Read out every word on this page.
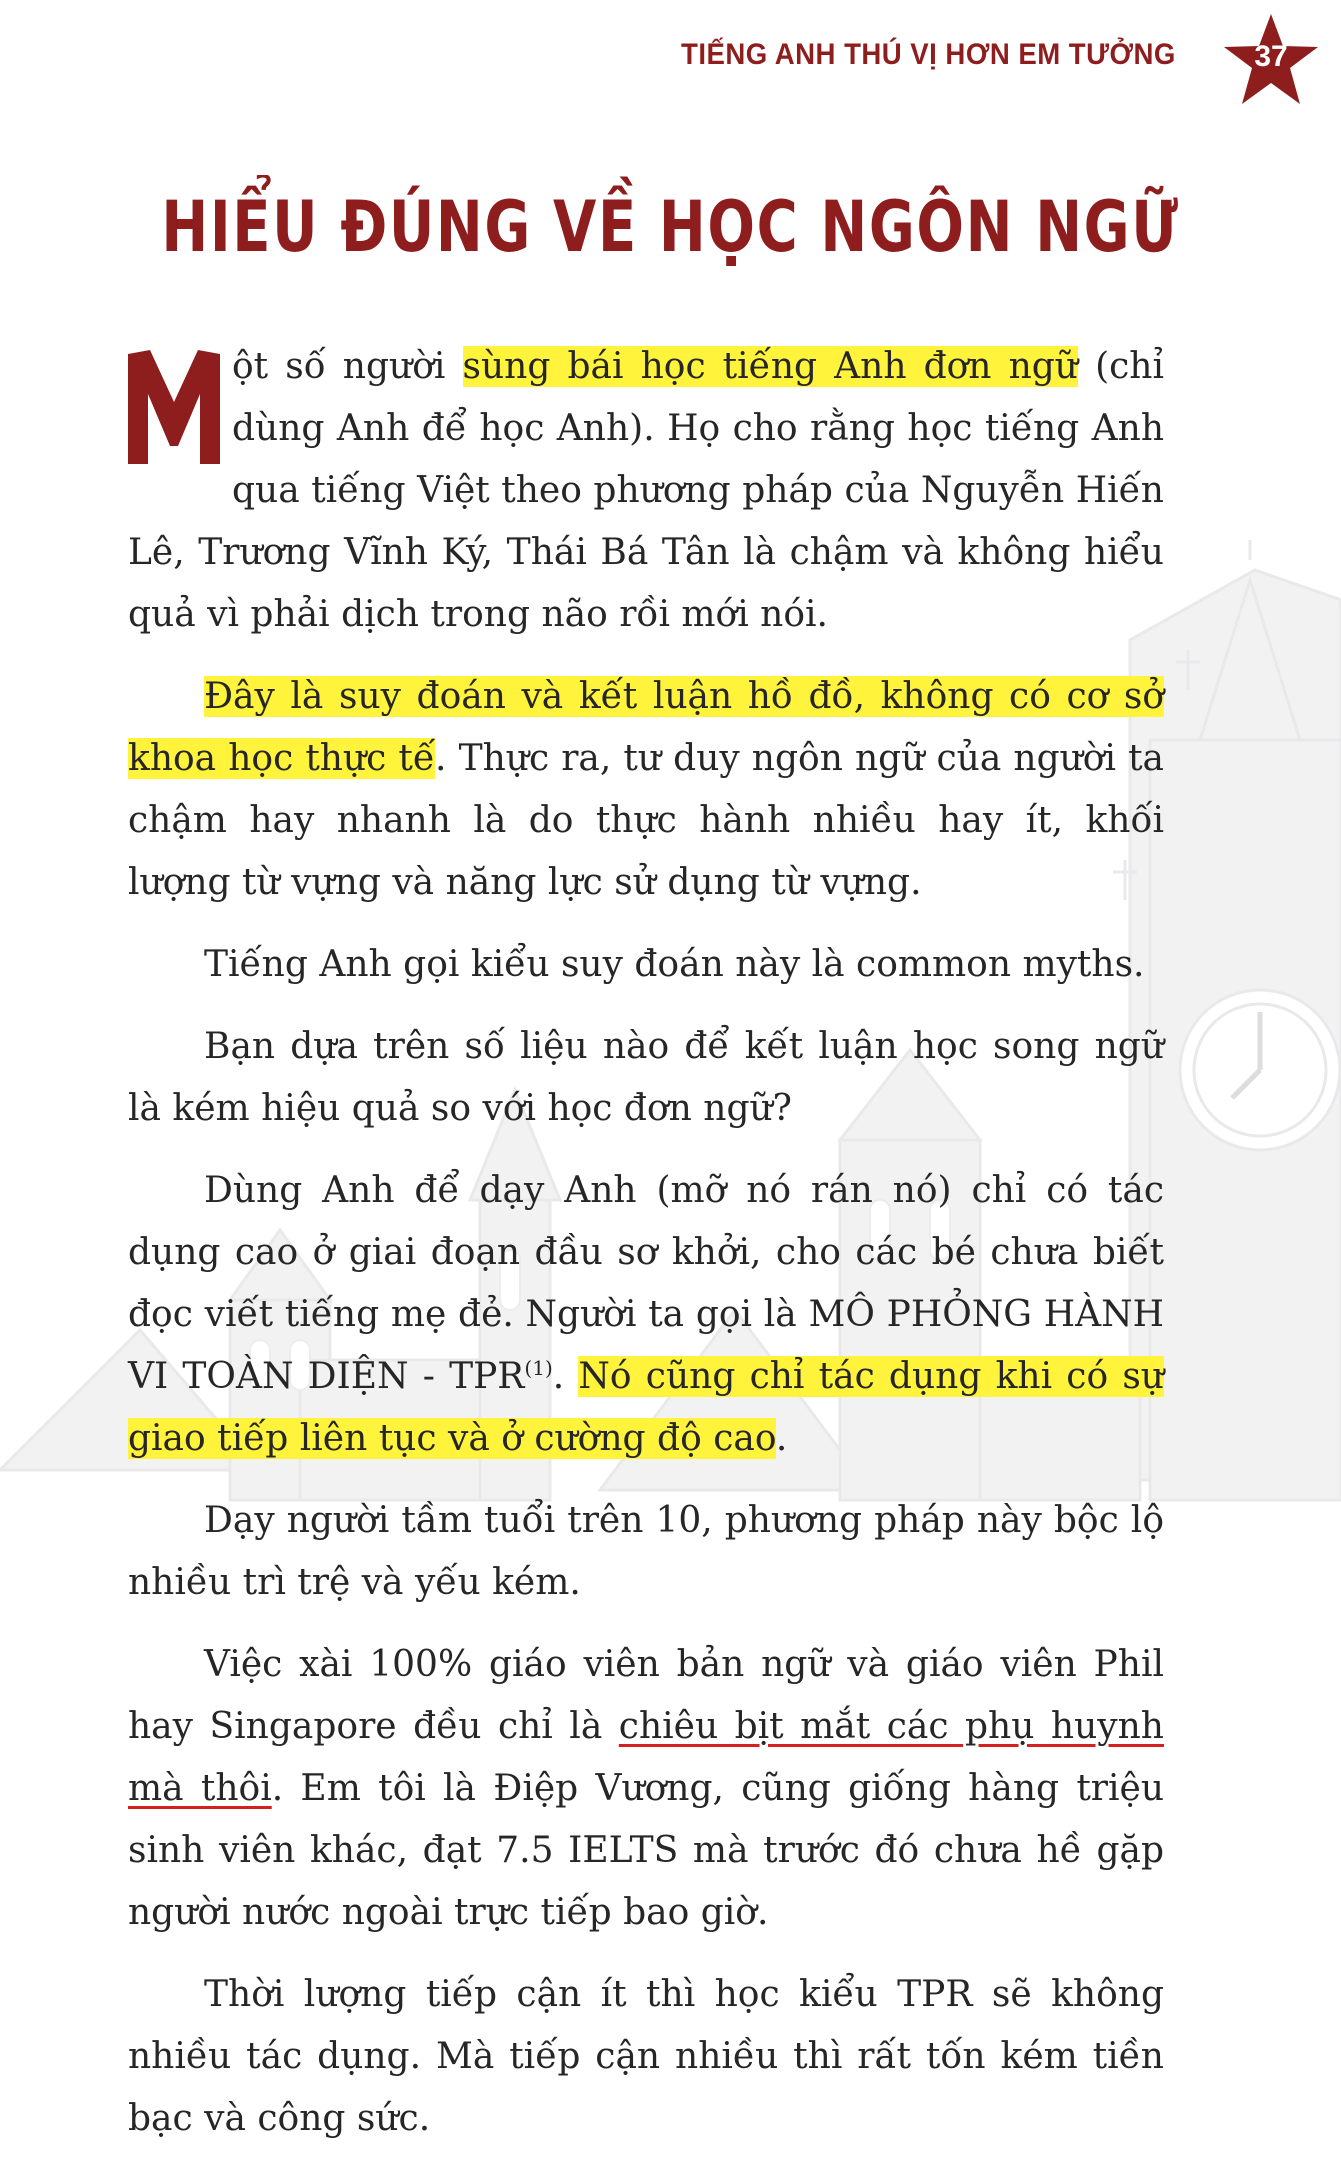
TIẾNG ANH THÚ VỊ HƠN EM TƯỞNG	37
HIỂU ĐÚNG VỀ HỌC NGÔN NGỮ

ột số người sùng bái học tiếng Anh đơn ngữ (chỉ dùng Anh để học Anh). Họ cho rằng học tiếng Anh qua tiếng Việt theo phương pháp của Nguyễn Hiến Lê, Trương Vĩnh Ký, Thái Bá Tân là chậm và không hiểu quả vì phải dịch trong não rồi mới nói.

Đây là suy đoán và kết luận hồ đồ, không có cơ sở khoa học thực tế. Thực ra, tư duy ngôn ngữ của người ta chậm hay nhanh là do thực hành nhiều hay ít, khối lượng từ vựng và năng lực sử dụng từ vựng.

Tiếng Anh gọi kiểu suy đoán này là common myths.

Bạn dựa trên số liệu nào để kết luận học song ngữ là kém hiệu quả so với học đơn ngữ?

Dùng Anh để dạy Anh (mỡ nó rán nó) chỉ có tác dụng cao ở giai đoạn đầu sơ khởi, cho các bé chưa biết đọc viết tiếng mẹ đẻ. Người ta gọi là MÔ PHỎNG HÀNH VI TOÀN DIỆN - TPR$^{(1)}$. Nó cũng chỉ tác dụng khi có sự giao tiếp liên tục và ở cường độ cao.

Dạy người tầm tuổi trên 10, phương pháp này bộc lộ nhiều trì trệ và yếu kém.

Việc xài 100% giáo viên bản ngữ và giáo viên Phil hay Singapore đều chỉ là chiêu bịt mắt các phụ huynh mà thôi. Em tôi là Điệp Vương, cũng giống hàng triệu sinh viên khác, đạt 7.5 IELTS mà trước đó chưa hề gặp người nước ngoài trực tiếp bao giờ.

Thời lượng tiếp cận ít thì học kiểu TPR sẽ không nhiều tác dụng. Mà tiếp cận nhiều thì rất tốn kém tiền bạc và công sức.
